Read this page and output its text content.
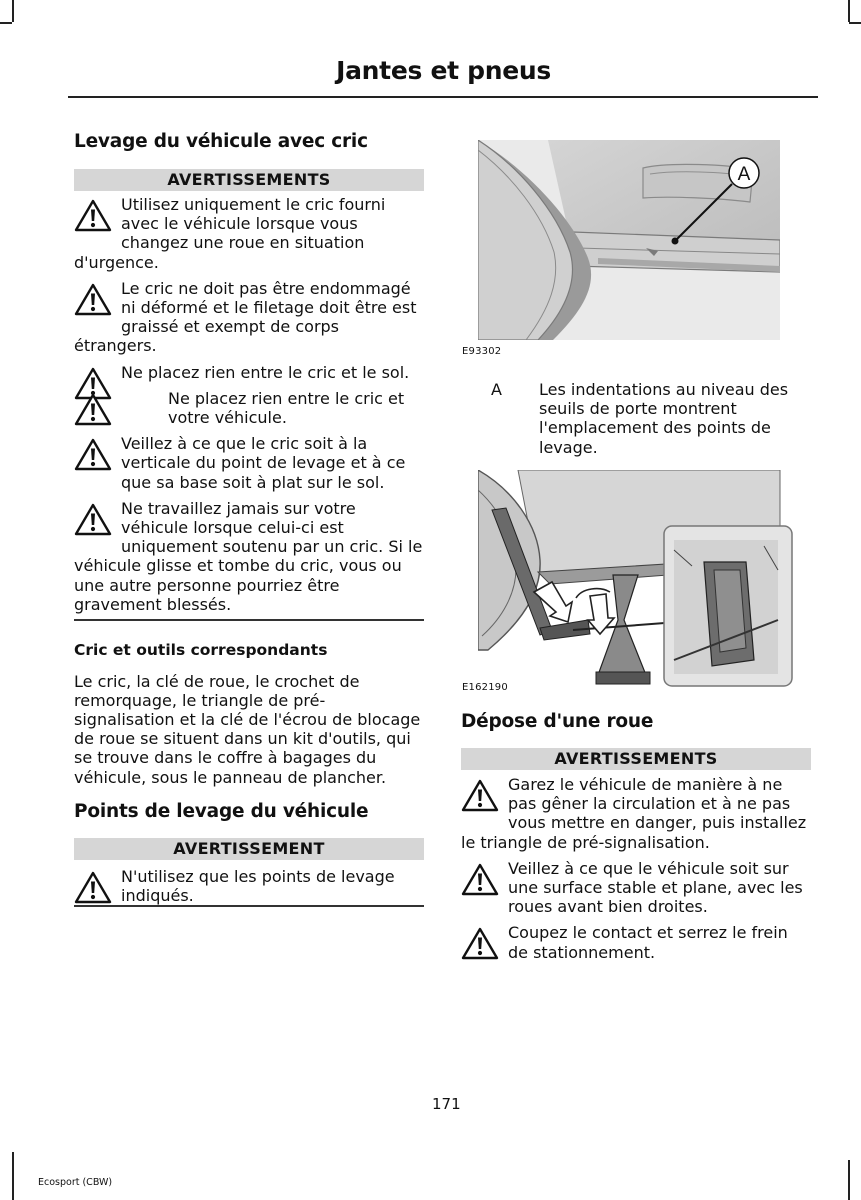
Jantes et pneus
Levage du véhicule avec cric
AVERTISSEMENTS
Utilisez uniquement le cric fourni avec le véhicule lorsque vous changez une roue en situation d'urgence.
Le cric ne doit pas être endommagé ni déformé et le filetage doit être est graissé et exempt de corps étrangers.
Ne placez rien entre le cric et le sol.
Ne placez rien entre le cric et votre véhicule.
Veillez à ce que le cric soit à la verticale du point de levage et à ce que sa base soit à plat sur le sol.
Ne travaillez jamais sur votre véhicule lorsque celui-ci est uniquement soutenu par un cric. Si le véhicule glisse et tombe du cric, vous ou une autre personne pourriez être gravement blessés.
Cric et outils correspondants

Le cric, la clé de roue, le crochet de remorquage, le triangle de pré-signalisation et la clé de l'écrou de blocage de roue se situent dans un kit d'outils, qui se trouve dans le coffre à bagages du véhicule, sous le panneau de plancher.

Points de levage du véhicule
AVERTISSEMENT
N'utilisez que les points de levage indiqués.
A
E93302
A Les indentations au niveau des seuils de porte montrent l'emplacement des points de levage.
E162190
Dépose d'une roue
AVERTISSEMENTS
Garez le véhicule de manière à ne pas gêner la circulation et à ne pas vous mettre en danger, puis installez le triangle de pré-signalisation.
Veillez à ce que le véhicule soit sur une surface stable et plane, avec les roues avant bien droites.
Coupez le contact et serrez le frein de stationnement.
171
Ecosport (CBW)
